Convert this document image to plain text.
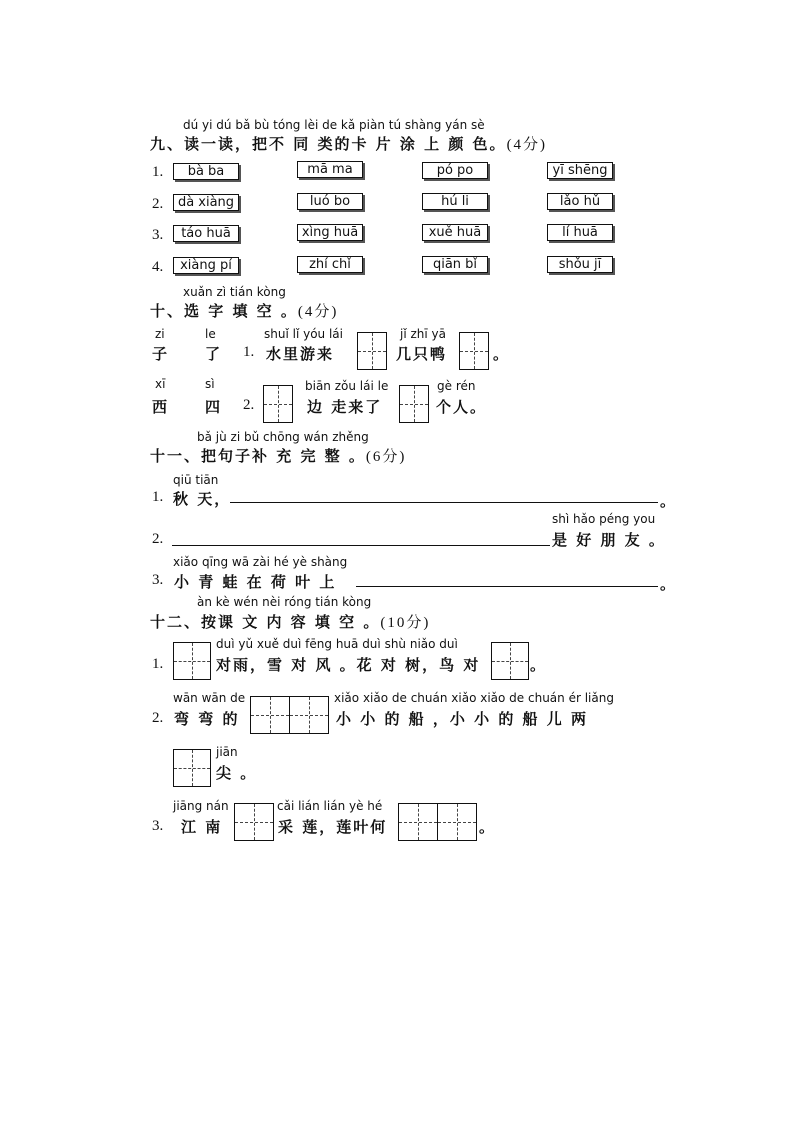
dú yi dú bǎ bù tóng lèi de kǎ piàn tú shàng yán sè
九、读一读，把不 同 类的卡 片 涂 上 颜 色。(4分)
1.	bà ba	mā ma	pó po	yī shēng
2.	dà xiàng	luó bo	hú li	lǎo hǔ
3.	táo huā	xìng huā	xuě huā	lí huā
4.	xiàng pí	zhí chǐ	qiān bǐ	shǒu jī
xuǎn zì tián kòng
十、选 字 填 空 。(4分)
zi	le
子 了 1.
shuǐ lǐ yóu lái
水里游来
jǐ zhī yā
几只鸭	。
xī	sì
西 四 2.
biān zǒu lái le
边 走来了
gè rén
个人。
bǎ jù zi bǔ chōng wán zhěng
十一、把句子补 充 完 整 。(6分)
qiū tiān
1. 秋 天，	。
2.
shì hǎo péng you
是 好 朋 友 。
xiǎo qīng wā zài hé yè shàng
3. 小 青 蛙 在 荷 叶 上	。
àn kè wén nèi róng tián kòng
十二、按课 文 内 容 填 空 。(10分)
1.
duì yǔ xuě duì fēng huā duì shù niǎo duì
对雨，雪 对 风 。花 对 树，鸟 对	。
wān wān de
2. 弯 弯 的
xiǎo xiǎo de chuán xiǎo xiǎo de chuán ér liǎng
小 小 的 船 ，小 小 的 船 儿 两
jiān
尖 。
jiāng nán
3. 江 南
cǎi lián lián yè hé
采 莲，莲叶何	。
